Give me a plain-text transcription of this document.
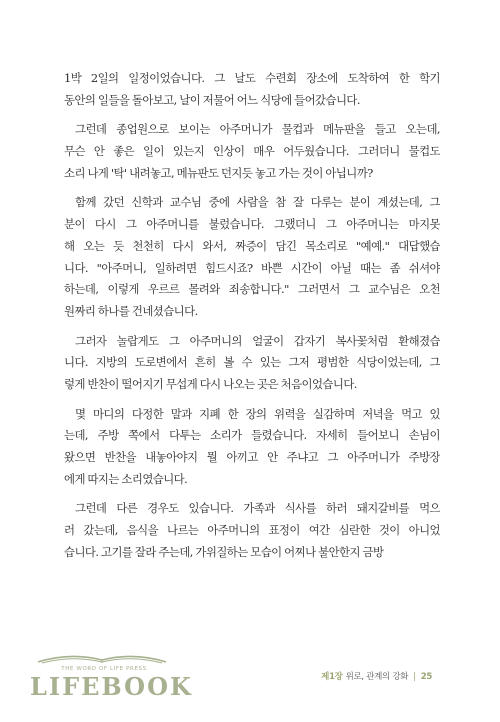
1박 2일의 일정이었습니다. 그 날도 수련회 장소에 도착하여 한 학기
동안의 일들을 돌아보고, 날이 저물어 어느 식당에 들어갔습니다.
그런데 종업원으로 보이는 아주머니가 물컵과 메뉴판을 들고 오는데,
무슨 안 좋은 일이 있는지 인상이 매우 어두웠습니다. 그러더니 물컵도
소리 나게 '탁' 내려놓고, 메뉴판도 던지듯 놓고 가는 것이 아닙니까?
함께 갔던 신학과 교수님 중에 사람을 참 잘 다루는 분이 계셨는데, 그
분이 다시 그 아주머니를 불렀습니다. 그랬더니 그 아주머니는 마지못
해 오는 듯 천천히 다시 와서, 짜증이 담긴 목소리로 "예예." 대답했습
니다. "아주머니, 일하려면 힘드시죠? 바쁜 시간이 아닐 때는 좀 쉬셔야
하는데, 이렇게 우르르 몰려와 죄송합니다." 그러면서 그 교수님은 오천
원짜리 하나를 건네셨습니다.
그러자 놀랍게도 그 아주머니의 얼굴이 갑자기 복사꽃처럼 환해졌습
니다. 지방의 도로변에서 흔히 볼 수 있는 그저 평범한 식당이었는데, 그
렇게 반찬이 떨어지기 무섭게 다시 나오는 곳은 처음이었습니다.
몇 마디의 다정한 말과 지폐 한 장의 위력을 실감하며 저녁을 먹고 있
는데, 주방 쪽에서 다투는 소리가 들렸습니다. 자세히 들어보니 손님이
왔으면 반찬을 내놓아야지 뭘 아끼고 안 주냐고 그 아주머니가 주방장
에게 따지는 소리였습니다.
그런데 다른 경우도 있습니다. 가족과 식사를 하러 돼지갈비를 먹으
러 갔는데, 음식을 나르는 아주머니의 표정이 여간 심란한 것이 아니었
습니다. 고기를 잘라 주는데, 가위질하는 모습이 어찌나 불안한지 금방
THE WORD OF LIFE PRESS
LIFEBOOK	제1장 위로, 관계의 강화 | 25
